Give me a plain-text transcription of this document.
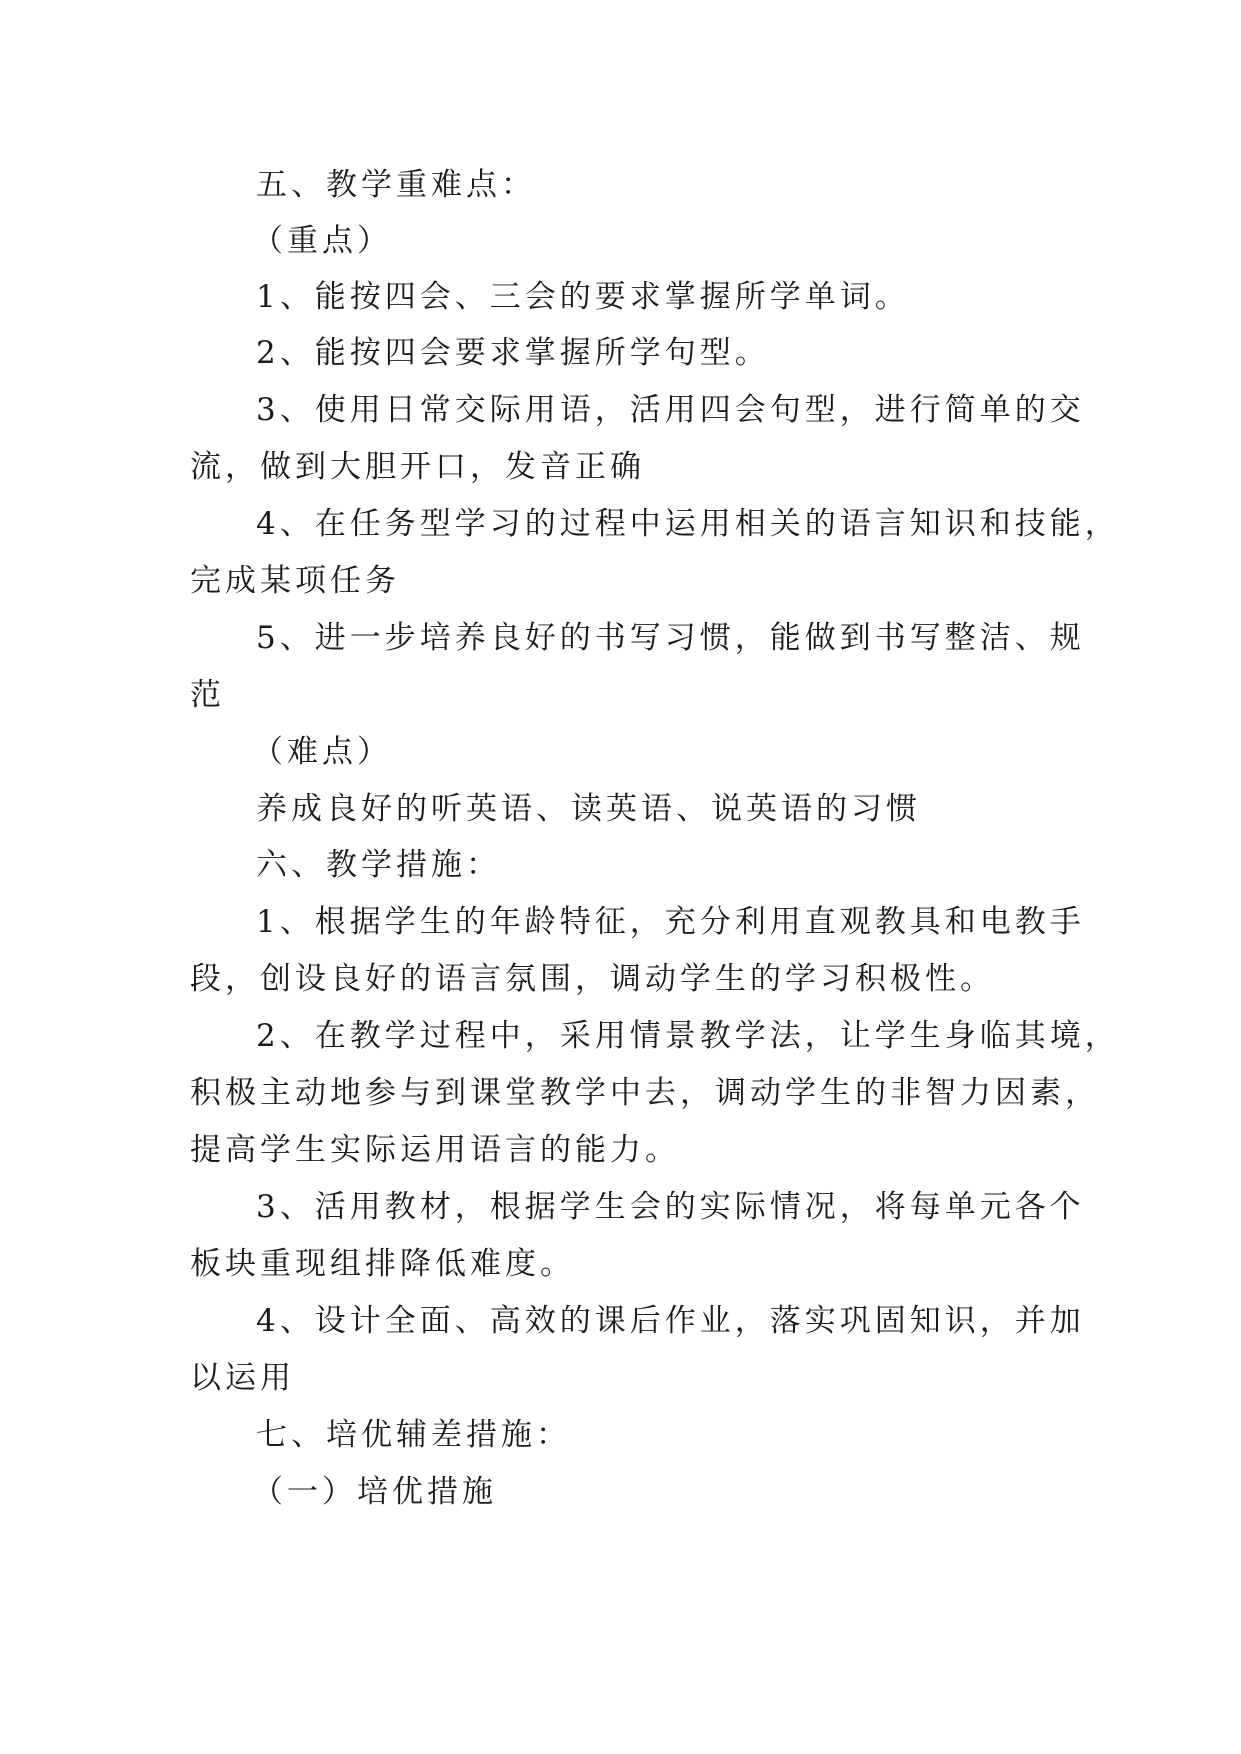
五、教学重难点：
（重点）
1、能按四会、三会的要求掌握所学单词。
2、能按四会要求掌握所学句型。
3、使用日常交际用语，活用四会句型，进行简单的交
流，做到大胆开口，发音正确
4、在任务型学习的过程中运用相关的语言知识和技能，
完成某项任务
5、进一步培养良好的书写习惯，能做到书写整洁、规
范
（难点）
养成良好的听英语、读英语、说英语的习惯
六、教学措施：
1、根据学生的年龄特征，充分利用直观教具和电教手
段，创设良好的语言氛围，调动学生的学习积极性。
2、在教学过程中，采用情景教学法，让学生身临其境，
积极主动地参与到课堂教学中去，调动学生的非智力因素，
提高学生实际运用语言的能力。
3、活用教材，根据学生会的实际情况，将每单元各个
板块重现组排降低难度。
4、设计全面、高效的课后作业，落实巩固知识，并加
以运用
七、培优辅差措施：
（一）培优措施
